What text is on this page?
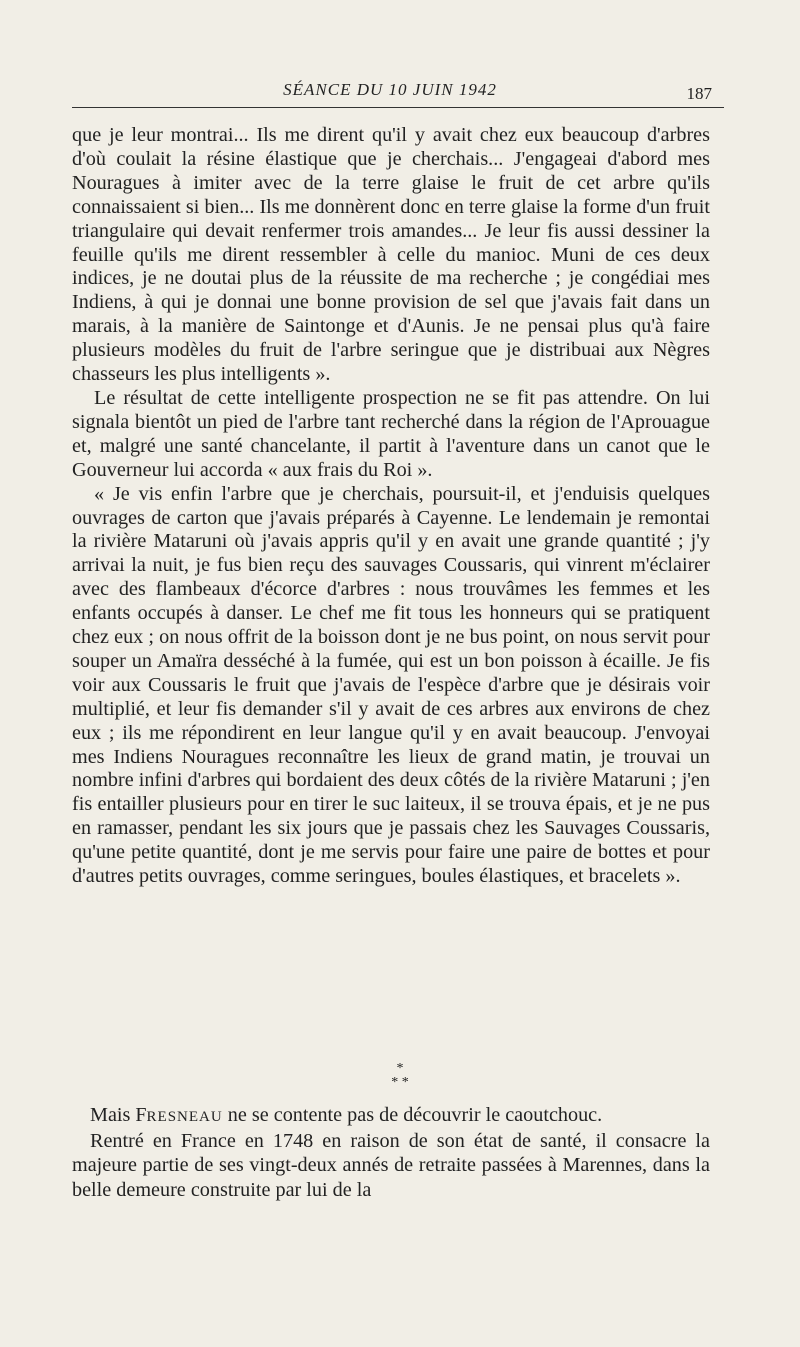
SÉANCE DU 10 JUIN 1942	187

que je leur montrai... Ils me dirent qu'il y avait chez eux beaucoup d'arbres d'où coulait la résine élastique que je cherchais... J'engageai d'abord mes Nouragues à imiter avec de la terre glaise le fruit de cet arbre qu'ils connaissaient si bien... Ils me donnèrent donc en terre glaise la forme d'un fruit triangulaire qui devait renfermer trois amandes... Je leur fis aussi dessiner la feuille qu'ils me dirent ressembler à celle du manioc. Muni de ces deux indices, je ne doutai plus de la réussite de ma recherche ; je congédiai mes Indiens, à qui je donnai une bonne provision de sel que j'avais fait dans un marais, à la manière de Saintonge et d'Aunis. Je ne pensai plus qu'à faire plusieurs modèles du fruit de l'arbre seringue que je distribuai aux Nègres chasseurs les plus intelligents ».

Le résultat de cette intelligente prospection ne se fit pas attendre. On lui signala bientôt un pied de l'arbre tant recherché dans la région de l'Aprouague et, malgré une santé chancelante, il partit à l'aventure dans un canot que le Gouverneur lui accorda « aux frais du Roi ».

« Je vis enfin l'arbre que je cherchais, poursuit-il, et j'enduisis quelques ouvrages de carton que j'avais préparés à Cayenne. Le lendemain je remontai la rivière Mataruni où j'avais appris qu'il y en avait une grande quantité ; j'y arrivai la nuit, je fus bien reçu des sauvages Coussaris, qui vinrent m'éclairer avec des flambeaux d'écorce d'arbres : nous trouvâmes les femmes et les enfants occupés à danser. Le chef me fit tous les honneurs qui se pratiquent chez eux ; on nous offrit de la boisson dont je ne bus point, on nous servit pour souper un Amaïra desséché à la fumée, qui est un bon poisson à écaille. Je fis voir aux Coussaris le fruit que j'avais de l'espèce d'arbre que je désirais voir multiplié, et leur fis demander s'il y avait de ces arbres aux environs de chez eux ; ils me répondirent en leur langue qu'il y en avait beaucoup. J'envoyai mes Indiens Nouragues reconnaître les lieux de grand matin, je trouvai un nombre infini d'arbres qui bordaient des deux côtés de la rivière Mataruni ; j'en fis entailler plusieurs pour en tirer le suc laiteux, il se trouva épais, et je ne pus en ramasser, pendant les six jours que je passais chez les Sauvages Coussaris, qu'une petite quantité, dont je me servis pour faire une paire de bottes et pour d'autres petits ouvrages, comme seringues, boules élastiques, et bracelets ».

*
* *

Mais FRESNEAU ne se contente pas de découvrir le caoutchouc.

Rentré en France en 1748 en raison de son état de santé, il consacre la majeure partie de ses vingt-deux annés de retraite passées à Marennes, dans la belle demeure construite par lui de la
